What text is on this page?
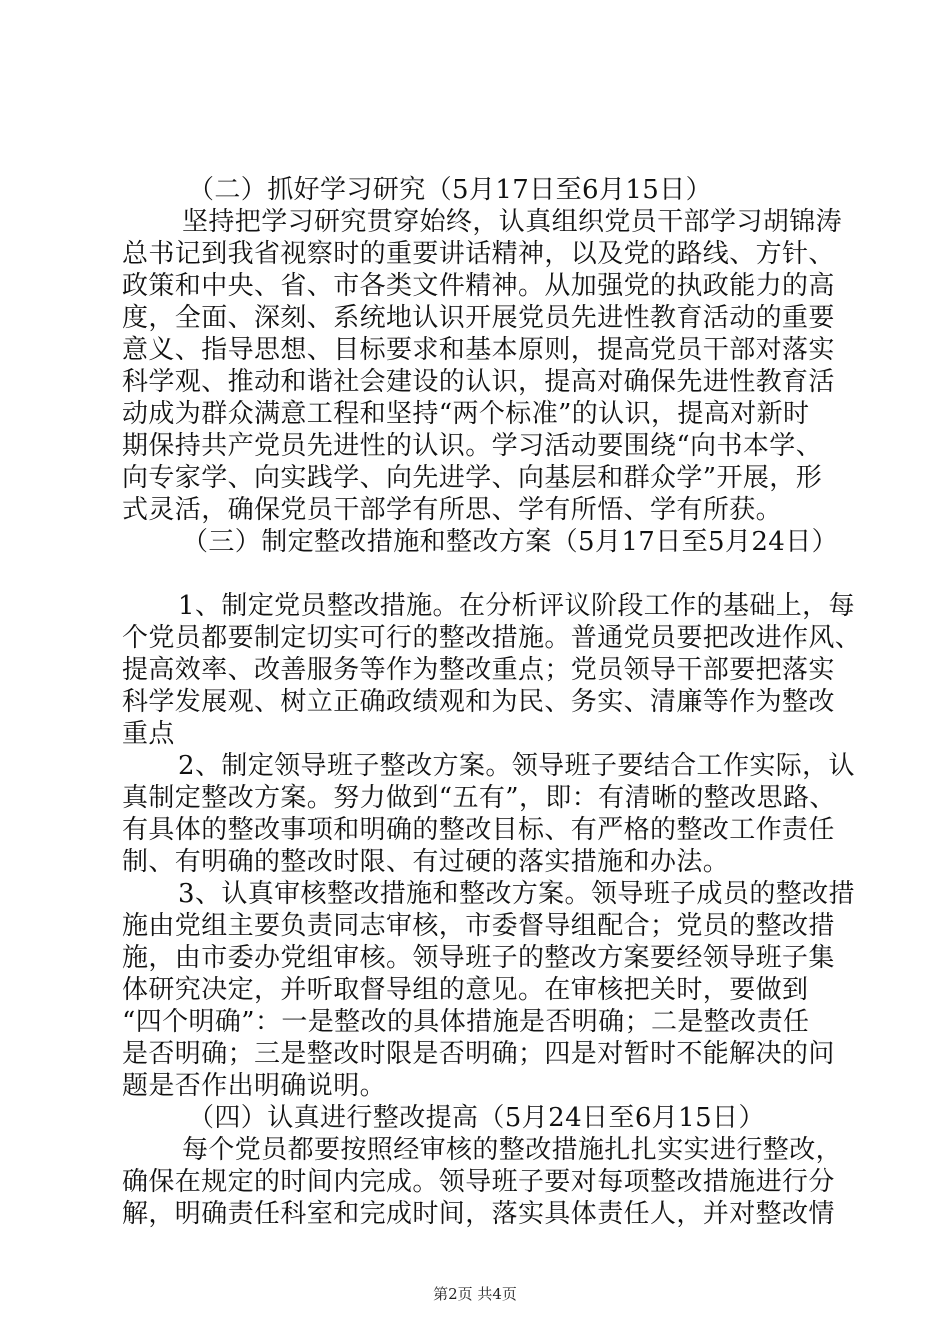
（二）抓好学习研究（5月17日至6月15日）
坚持把学习研究贯穿始终，认真组织党员干部学习胡锦涛
总书记到我省视察时的重要讲话精神，以及党的路线、方针、
政策和中央、省、市各类文件精神。从加强党的执政能力的高
度，全面、深刻、系统地认识开展党员先进性教育活动的重要
意义、指导思想、目标要求和基本原则，提高党员干部对落实
科学观、推动和谐社会建设的认识，提高对确保先进性教育活
动成为群众满意工程和坚持“两个标准”的认识，提高对新时
期保持共产党员先进性的认识。学习活动要围绕“向书本学、
向专家学、向实践学、向先进学、向基层和群众学”开展，形
式灵活，确保党员干部学有所思、学有所悟、学有所获。
（三）制定整改措施和整改方案（5月17日至5月24日）
1、制定党员整改措施。在分析评议阶段工作的基础上，每
个党员都要制定切实可行的整改措施。普通党员要把改进作风、
提高效率、改善服务等作为整改重点；党员领导干部要把落实
科学发展观、树立正确政绩观和为民、务实、清廉等作为整改
重点
2、制定领导班子整改方案。领导班子要结合工作实际，认
真制定整改方案。努力做到“五有”，即：有清晰的整改思路、
有具体的整改事项和明确的整改目标、有严格的整改工作责任
制、有明确的整改时限、有过硬的落实措施和办法。
3、认真审核整改措施和整改方案。领导班子成员的整改措
施由党组主要负责同志审核，市委督导组配合；党员的整改措
施，由市委办党组审核。领导班子的整改方案要经领导班子集
体研究决定，并听取督导组的意见。在审核把关时，要做到
“四个明确”：一是整改的具体措施是否明确；二是整改责任
是否明确；三是整改时限是否明确；四是对暂时不能解决的问
题是否作出明确说明。
（四）认真进行整改提高（5月24日至6月15日）
每个党员都要按照经审核的整改措施扎扎实实进行整改，
确保在规定的时间内完成。领导班子要对每项整改措施进行分
解，明确责任科室和完成时间，落实具体责任人，并对整改情
第2页 共4页
